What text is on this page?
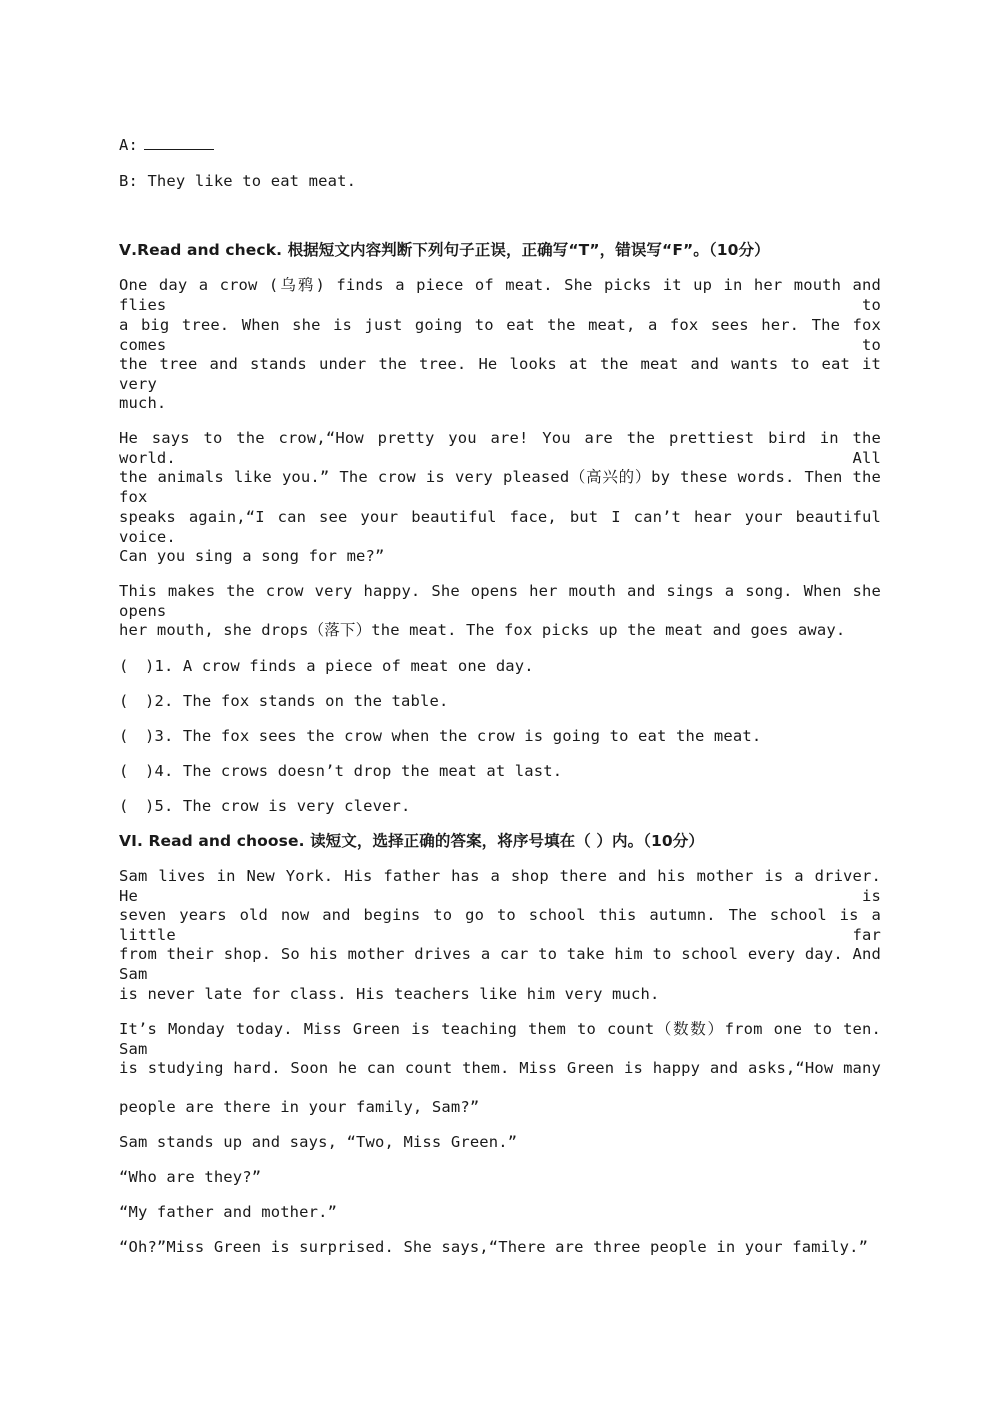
A:
B: They like to eat meat.
Ⅴ.Read and check. 根据短文内容判断下列句子正误，正确写“T”，错误写“F”。（10分）
One day a crow (乌鸦) finds a piece of meat. She picks it up in her mouth and flies to
a big tree. When she is just going to eat the meat, a fox sees her. The fox comes to
the tree and stands under the tree. He looks at the meat and wants to eat it very
much.
He says to the crow,“How pretty you are! You are the prettiest bird in the world. All
the animals like you.” The crow is very pleased（高兴的）by these words. Then the fox
speaks again,“I can see your beautiful face, but I can’t hear your beautiful voice.
Can you sing a song for me?”
This makes the crow very happy. She opens her mouth and sings a song. When she opens
her mouth, she drops（落下）the meat. The fox picks up the meat and goes away.
( )1. A crow finds a piece of meat one day.
( )2. The fox stands on the table.
( )3. The fox sees the crow when the crow is going to eat the meat.
( )4. The crows doesn’t drop the meat at last.
( )5. The crow is very clever.
VI. Read and choose. 读短文，选择正确的答案，将序号填在（ ）内。（10分）
Sam lives in New York. His father has a shop there and his mother is a driver. He is
seven years old now and begins to go to school this autumn. The school is a little far
from their shop. So his mother drives a car to take him to school every day. And Sam
is never late for class. His teachers like him very much.
It’s Monday today. Miss Green is teaching them to count（数数）from one to ten. Sam
is studying hard. Soon he can count them. Miss Green is happy and asks,“How many
people are there in your family, Sam?”
Sam stands up and says, “Two, Miss Green.”
“Who are they?”
“My father and mother.”
“Oh?”Miss Green is surprised. She says,“There are three people in your family.”
